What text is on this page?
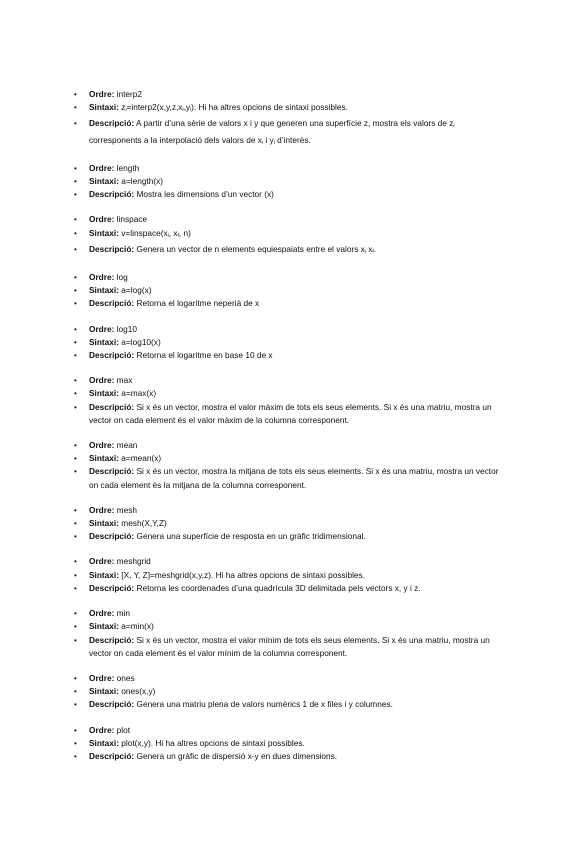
• Ordre: interp2
• Sintaxi: $z_i=interp2(x,y,z,x_i,y_i)$. Hi ha altres opcions de sintaxi possibles.
• Descripció: A partir d’una sèrie de valors x i y que generen una superfície z, mostra els valors de $z_i$ corresponents a la interpolació dels valors de $x_i$ i $y_i$ d’interès.
• Ordre: length
• Sintaxi: a=length(x)
• Descripció: Mostra les dimensions d’un vector (x)
• Ordre: linspace
• Sintaxi: $v=linspace(x_i$, $x_f$, n)
• Descripció: Genera un vector de n elements equiespaiats entre el valors $x_i$ $x_f$.
• Ordre: log
• Sintaxi: a=log(x)
• Descripció: Retorna el logaritme neperià de x
• Ordre: log10
• Sintaxi: a=log10(x)
• Descripció: Retorna el logaritme en base 10 de x
• Ordre: max
• Sintaxi: a=max(x)
• Descripció: Si x és un vector, mostra el valor màxim de tots els seus elements. Si x és una matriu, mostra un vector on cada element és el valor màxim de la columna corresponent.
• Ordre: mean
• Sintaxi: a=mean(x)
• Descripció: Si x és un vector, mostra la mitjana de tots els seus elements. Si x és una matriu, mostra un vector on cada element és la mitjana de la columna corresponent.
• Ordre: mesh
• Sintaxi: mesh(X,Y,Z)
• Descripció: Genera una superfície de resposta en un gràfic tridimensional.
• Ordre: meshgrid
• Sintaxi: [X, Y, Z]=meshgrid(x,y,z). Hi ha altres opcions de sintaxi possibles.
• Descripció: Retorna les coordenades d’una quadrícula 3D delimitada pels vectors x, y i z.
• Ordre: min
• Sintaxi: a=min(x)
• Descripció: Si x és un vector, mostra el valor mínim de tots els seus elements. Si x és una matriu, mostra un vector on cada element és el valor mínim de la columna corresponent.
• Ordre: ones
• Sintaxi: ones(x,y)
• Descripció: Genera una matriu plena de valors numèrics 1 de x files i y columnes.
• Ordre: plot
• Sintaxi: plot(x,y). Hi ha altres opcions de sintaxi possibles.
• Descripció: Genera un gràfic de dispersió x-y en dues dimensions.
